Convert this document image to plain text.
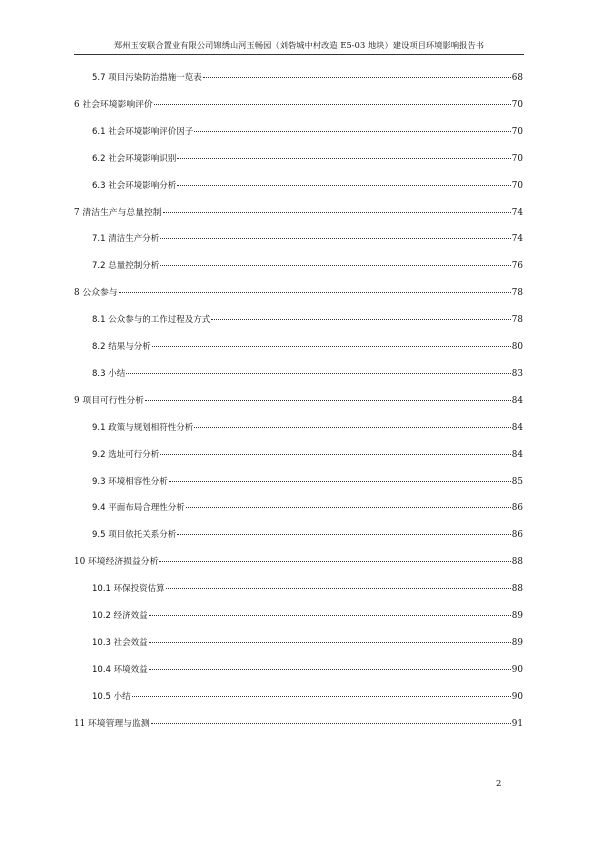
郑州玉安联合置业有限公司锦绣山河玉畅园（刘砦城中村改造 E5-03 地块）建设项目环境影响报告书
5.7 项目污染防治措施一览表	68
6 社会环境影响评价	70
6.1 社会环境影响评价因子	70
6.2 社会环境影响识别	70
6.3 社会环境影响分析	70
7 清洁生产与总量控制	74
7.1 清洁生产分析	74
7.2 总量控制分析	76
8 公众参与	78
8.1 公众参与的工作过程及方式	78
8.2 结果与分析	80
8.3 小结	83
9 项目可行性分析	84
9.1 政策与规划相符性分析	84
9.2 选址可行分析	84
9.3 环境相容性分析	85
9.4 平面布局合理性分析	86
9.5 项目依托关系分析	86
10 环境经济损益分析	88
10.1 环保投资估算	88
10.2 经济效益	89
10.3 社会效益	89
10.4 环境效益	90
10.5 小结	90
11 环境管理与监测	91
2
